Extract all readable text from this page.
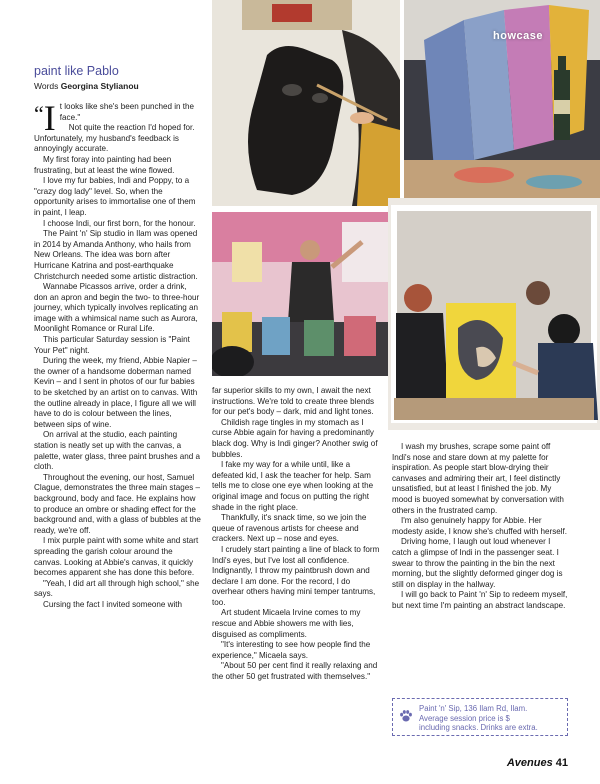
howcase
paint like Pablo
Words Georgina Stylianou

“I t looks like she's been punched in the face."

Not quite the reaction I'd hoped for. Unfortunately, my husband's feedback is annoyingly accurate.

My first foray into painting had been frustrating, but at least the wine flowed.

I love my fur babies, Indi and Poppy, to a "crazy dog lady" level. So, when the opportunity arises to immortalise one of them in paint, I leap.

I choose Indi, our first born, for the honour.

The Paint 'n' Sip studio in Ilam was opened in 2014 by Amanda Anthony, who hails from New Orleans. The idea was born after Hurricane Katrina and post-earthquake Christchurch needed some artistic distraction.

Wannabe Picassos arrive, order a drink, don an apron and begin the two- to three-hour journey, which typically involves replicating an image with a whimsical name such as Aurora, Moonlight Romance or Rural Life.

This particular Saturday session is "Paint Your Pet" night.

During the week, my friend, Abbie Napier – the owner of a handsome doberman named Kevin – and I sent in photos of our fur babies to be sketched by an artist on to canvas. With the outline already in place, I figure all we will have to do is colour between the lines, between sips of wine.

On arrival at the studio, each painting station is neatly set up with the canvas, a palette, water glass, three paint brushes and a cloth.

Throughout the evening, our host, Samuel Clague, demonstrates the three main stages – background, body and face. He explains how to produce an ombre or shading effect for the background and, with a glass of bubbles at the ready, we're off.

I mix purple paint with some white and start spreading the garish colour around the canvas. Looking at Abbie's canvas, it quickly becomes apparent she has done this before.

"Yeah, I did art all through high school," she says.

Cursing the fact I invited someone with

far superior skills to my own, I await the next instructions. We're told to create three blends for our pet's body – dark, mid and light tones.

Childish rage tingles in my stomach as I curse Abbie again for having a predominantly black dog. Why is Indi ginger? Another swig of bubbles.

I fake my way for a while until, like a defeated kid, I ask the teacher for help. Sam tells me to close one eye when looking at the original image and focus on putting the right shade in the right place.

Thankfully, it's snack time, so we join the queue of ravenous artists for cheese and crackers. Next up – nose and eyes.

I crudely start painting a line of black to form Indi's eyes, but I've lost all confidence. Indignantly, I throw my paintbrush down and declare I am done. For the record, I do overhear others having mini temper tantrums, too.

Art student Micaela Irvine comes to my rescue and Abbie showers me with lies, disguised as compliments.

"It's interesting to see how people find the experience," Micaela says.

"About 50 per cent find it really relaxing and the other 50 get frustrated with themselves."

I wash my brushes, scrape some paint off Indi's nose and stare down at my palette for inspiration. As people start blow-drying their canvases and admiring their art, I feel distinctly unsatisfied, but at least I finished the job. My mood is buoyed somewhat by conversation with others in the frustrated camp.

I'm also genuinely happy for Abbie. Her modesty aside, I know she's chuffed with herself.

Driving home, I laugh out loud whenever I catch a glimpse of Indi in the passenger seat. I swear to throw the painting in the bin the next morning, but the slightly deformed ginger dog is still on display in the hallway.

I will go back to Paint 'n' Sip to redeem myself, but next time I'm painting an abstract landscape.

Paint 'n' Sip, 136 Ilam Rd, Ilam.
Average session price is $
including snacks. Drinks are extra.
Avenues 41
